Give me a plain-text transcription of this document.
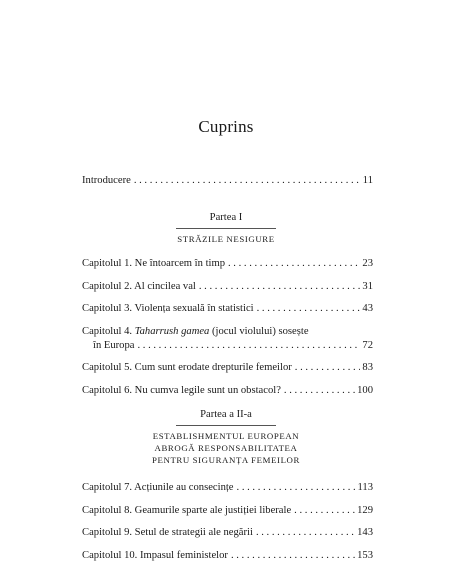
Cuprins
Introducere . . .	11
Partea I
STRĂZILE NESIGURE
Capitolul 1. Ne întoarcem în timp . . .	23
Capitolul 2. Al cincilea val . . .	31
Capitolul 3. Violența sexuală în statistici . . .	43
Capitolul 4. Taharrush gamea (jocul violului) sosește
în Europa . . .	72
Capitolul 5. Cum sunt erodate drepturile femeilor . . .	83
Capitolul 6. Nu cumva legile sunt un obstacol? . . .	100
Partea a II-a
ESTABLISHMENTUL EUROPEAN
ABROGĂ RESPONSABILITATEA
PENTRU SIGURANȚA FEMEILOR
Capitolul 7. Acțiunile au consecințe . . .	113
Capitolul 8. Geamurile sparte ale justiției liberale . . .	129
Capitolul 9. Setul de strategii ale negării . . .	143
Capitolul 10. Impasul feministelor . . .	153
